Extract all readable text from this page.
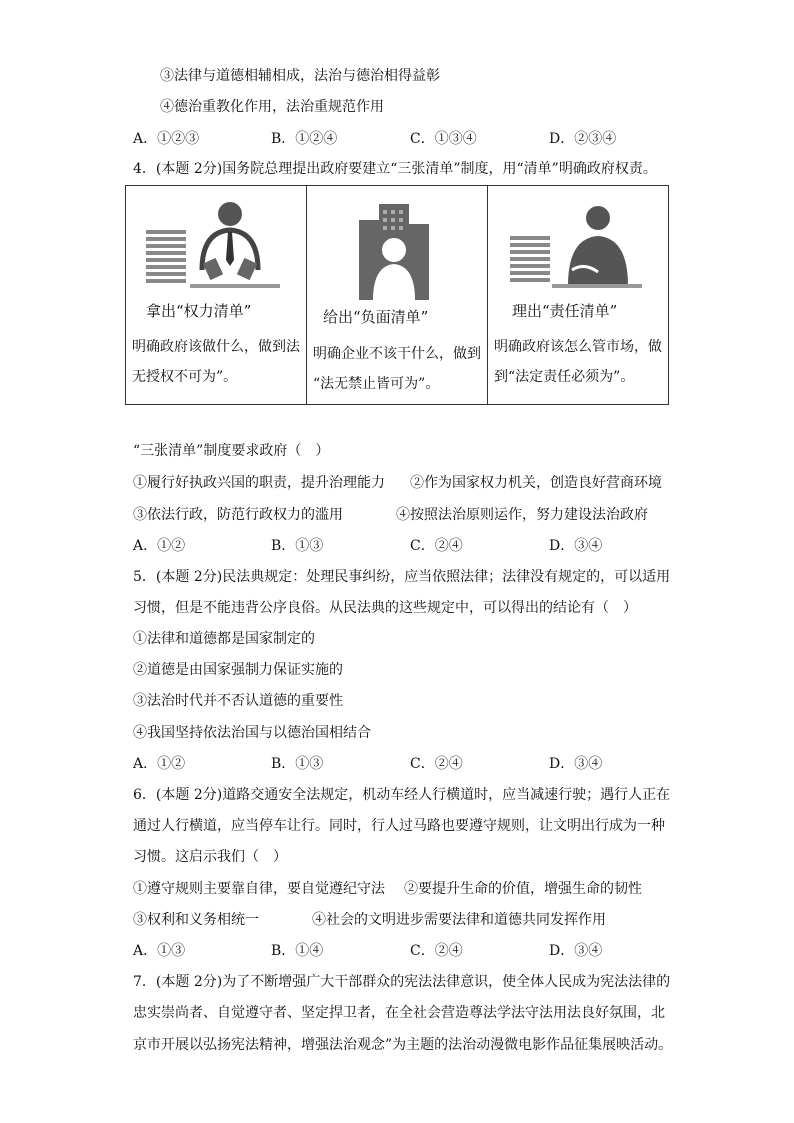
③法律与道德相辅相成，法治与德治相得益彰
④德治重教化作用，法治重规范作用
A．①②③	B．①②④	C．①③④	D．②③④
4．(本题 2分)国务院总理提出政府要建立“三张清单”制度，用“清单”明确政府权责。
拿出“权力清单”
明确政府该做什么，做到法
无授权不可为”。

给出“负面清单”
明确企业不该干什么，做到
“法无禁止皆可为”。

理出“责任清单”
明确政府该怎么管市场，做
到“法定责任必须为”。
“三张清单”制度要求政府（　）
①履行好执政兴国的职责，提升治理能力 ②作为国家权力机关，创造良好营商环境
③依法行政，防范行政权力的滥用	④按照法治原则运作，努力建设法治政府
A．①②	B．①③	C．②④	D．③④
5．(本题 2分)民法典规定：处理民事纠纷，应当依照法律；法律没有规定的，可以适用
习惯，但是不能违背公序良俗。从民法典的这些规定中，可以得出的结论有（　）
①法律和道德都是国家制定的
②道德是由国家强制力保证实施的
③法治时代并不否认道德的重要性
④我国坚持依法治国与以德治国相结合
A．①②	B．①③	C．②④	D．③④
6．(本题 2分)道路交通安全法规定，机动车经人行横道时，应当减速行驶；遇行人正在
通过人行横道，应当停车让行。同时，行人过马路也要遵守规则，让文明出行成为一种
习惯。这启示我们（　）
①遵守规则主要靠自律，要自觉遵纪守法 ②要提升生命的价值，增强生命的韧性
③权利和义务相统一	④社会的文明进步需要法律和道德共同发挥作用
A．①③	B．①④	C．②④	D．③④
7．(本题 2分)为了不断增强广大干部群众的宪法法律意识，使全体人民成为宪法法律的
忠实崇尚者、自觉遵守者、坚定捍卫者，在全社会营造尊法学法守法用法良好氛围，北
京市开展以弘扬宪法精神，增强法治观念”为主题的法治动漫微电影作品征集展映活动。
